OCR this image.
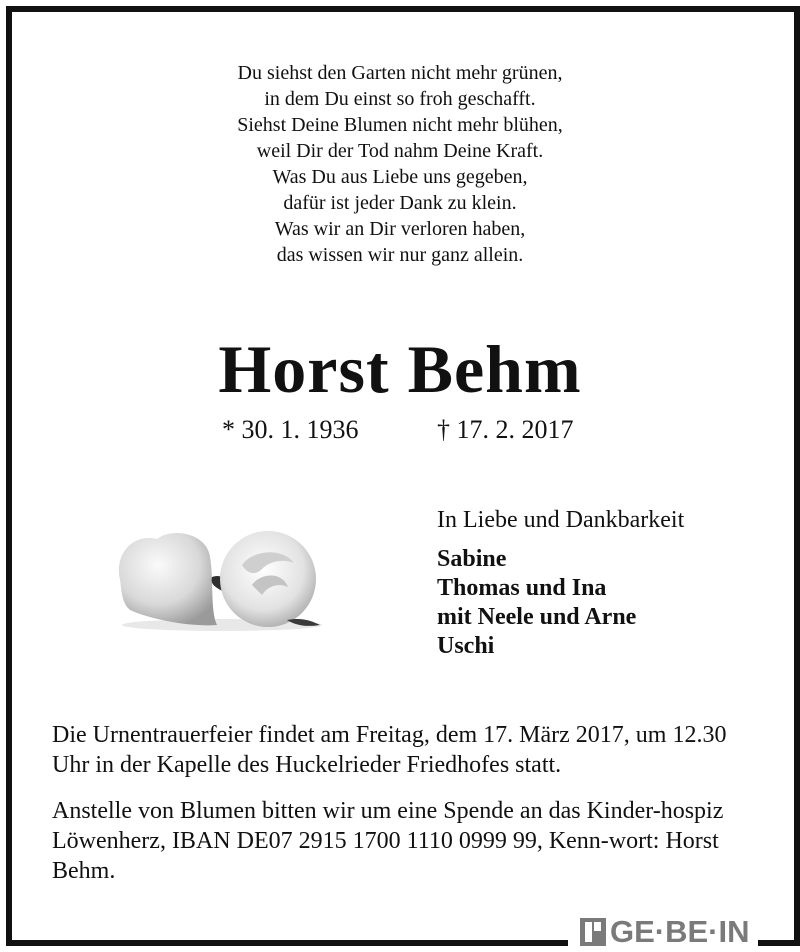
Du siehst den Garten nicht mehr grünen,
in dem Du einst so froh geschafft.
Siehst Deine Blumen nicht mehr blühen,
weil Dir der Tod nahm Deine Kraft.
Was Du aus Liebe uns gegeben,
dafür ist jeder Dank zu klein.
Was wir an Dir verloren haben,
das wissen wir nur ganz allein.
Horst Behm
* 30. 1. 1936	† 17. 2. 2017
In Liebe und Dankbarkeit
Sabine
Thomas und Ina
mit Neele und Arne
Uschi
Die Urnentrauerfeier findet am Freitag, dem 17. März 2017, um 12.30 Uhr in der Kapelle des Huckelrieder Friedhofes statt.
Anstelle von Blumen bitten wir um eine Spende an das Kinder-hospiz Löwenherz, IBAN DE07 2915 1700 1110 0999 99, Kenn-wort: Horst Behm.
GE·BE·IN
